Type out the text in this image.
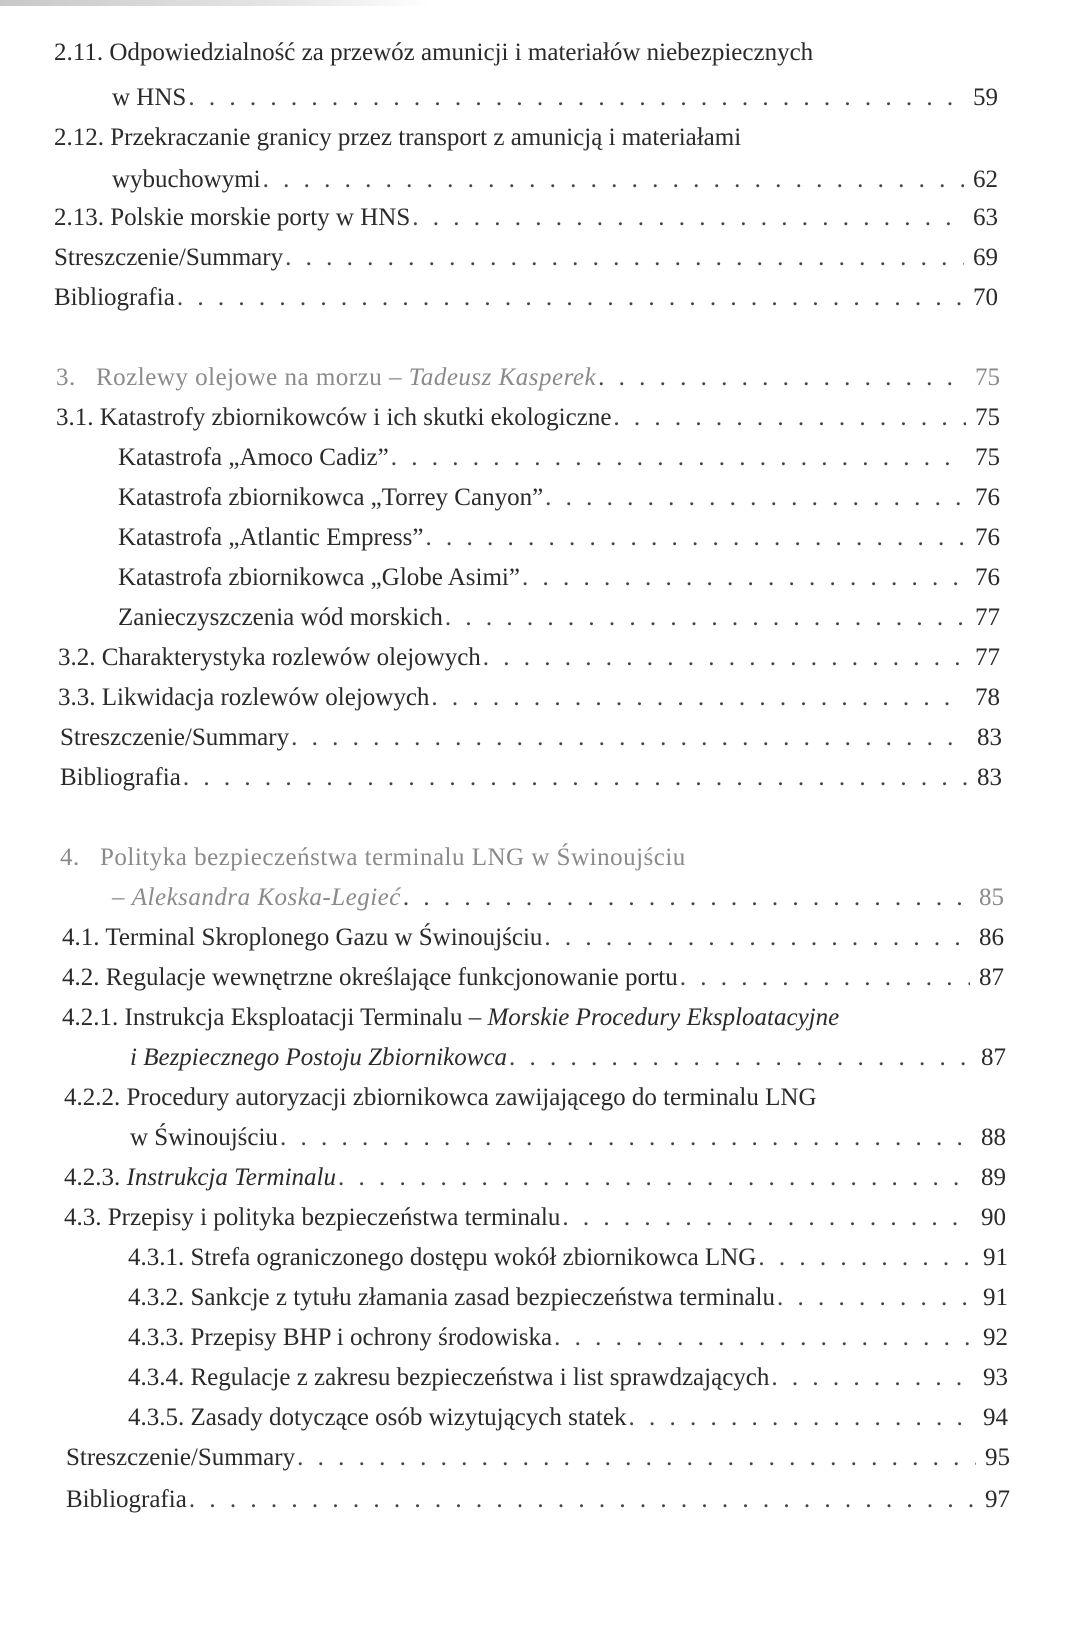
2.11. Odpowiedzialność za przewóz amunicji i materiałów niebezpiecznych
w HNS . . .	59
2.12. Przekraczanie granicy przez transport z amunicją i materiałami
wybuchowymi . . .	62
2.13. Polskie morskie porty w HNS . . .	63
Streszczenie/Summary . . .	69
Bibliografia . . .	70
3. Rozlewy olejowe na morzu – Tadeusz Kasperek . . .	75
3.1. Katastrofy zbiornikowców i ich skutki ekologiczne . . .	75
Katastrofa „Amoco Cadiz” . . .	75
Katastrofa zbiornikowca „Torrey Canyon” . . .	76
Katastrofa „Atlantic Empress” . . .	76
Katastrofa zbiornikowca „Globe Asimi” . . .	76
Zanieczyszczenia wód morskich . . .	77
3.2. Charakterystyka rozlewów olejowych . . .	77
3.3. Likwidacja rozlewów olejowych . . .	78
Streszczenie/Summary . . .	83
Bibliografia . . .	83
4. Polityka bezpieczeństwa terminalu LNG w Świnoujściu
– Aleksandra Koska-Legieć . . .	85
4.1. Terminal Skroplonego Gazu w Świnoujściu . . .	86
4.2. Regulacje wewnętrzne określające funkcjonowanie portu . . .	87
4.2.1. Instrukcja Eksploatacji Terminalu – Morskie Procedury Eksploatacyjne
i Bezpiecznego Postoju Zbiornikowca . . .	87
4.2.2. Procedury autoryzacji zbiornikowca zawijającego do terminalu LNG
w Świnoujściu . . .	88
4.2.3. Instrukcja Terminalu . . .	89
4.3. Przepisy i polityka bezpieczeństwa terminalu . . .	90
4.3.1. Strefa ograniczonego dostępu wokół zbiornikowca LNG . . .	91
4.3.2. Sankcje z tytułu złamania zasad bezpieczeństwa terminalu . . .	91
4.3.3. Przepisy BHP i ochrony środowiska . . .	92
4.3.4. Regulacje z zakresu bezpieczeństwa i list sprawdzających . . .	93
4.3.5. Zasady dotyczące osób wizytujących statek . . .	94
Streszczenie/Summary . . .	95
Bibliografia . . .	97
